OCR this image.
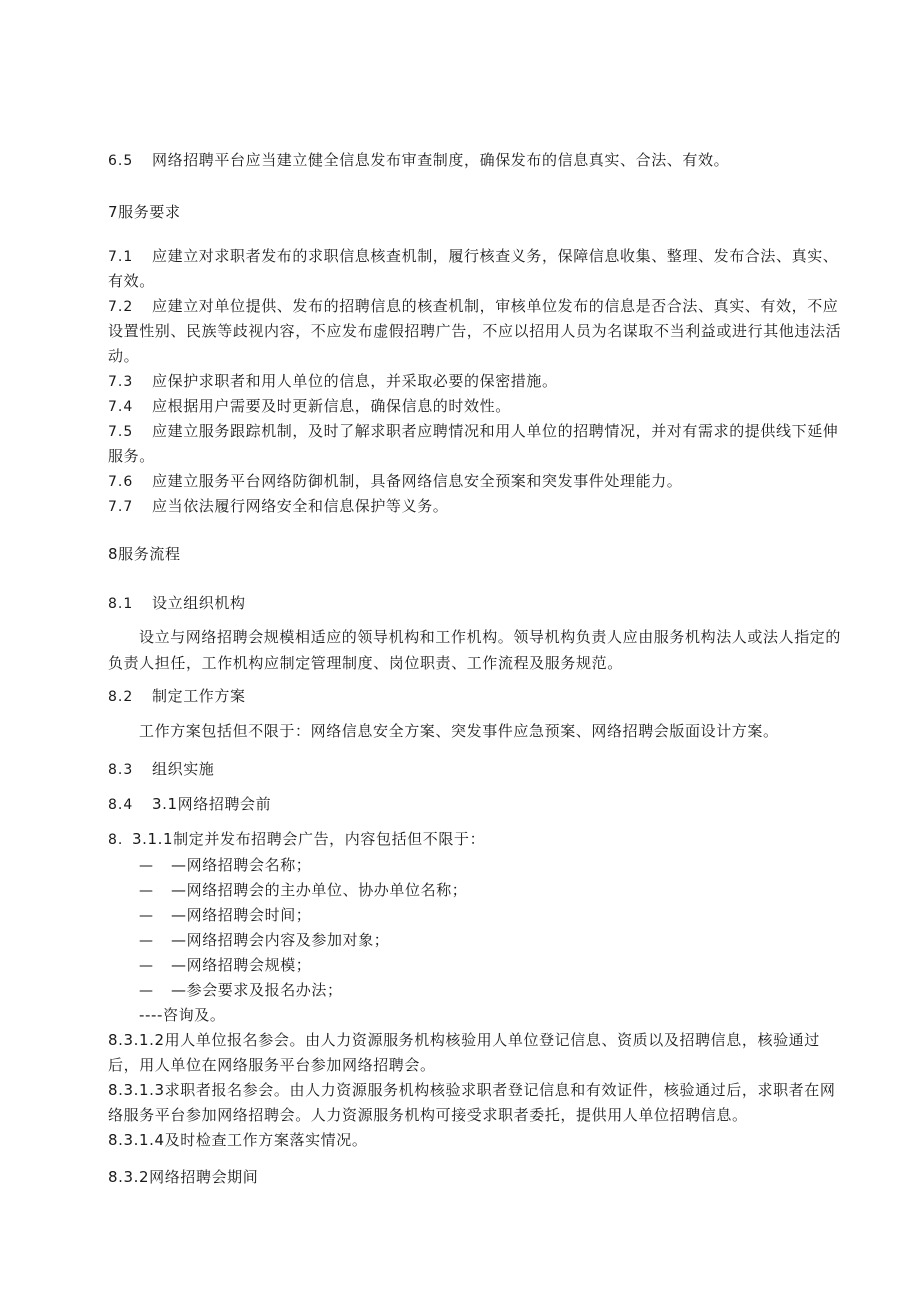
6.5 网络招聘平台应当建立健全信息发布审查制度，确保发布的信息真实、合法、有效。
7服务要求
7.1 应建立对求职者发布的求职信息核查机制，履行核查义务，保障信息收集、整理、发布合法、真实、
有效。
7.2 应建立对单位提供、发布的招聘信息的核查机制，审核单位发布的信息是否合法、真实、有效，不应
设置性别、民族等歧视内容，不应发布虚假招聘广告，不应以招用人员为名谋取不当利益或进行其他违法活
动。
7.3 应保护求职者和用人单位的信息，并采取必要的保密措施。
7.4 应根据用户需要及时更新信息，确保信息的时效性。
7.5 应建立服务跟踪机制，及时了解求职者应聘情况和用人单位的招聘情况，并对有需求的提供线下延伸
服务。
7.6 应建立服务平台网络防御机制，具备网络信息安全预案和突发事件处理能力。
7.7 应当依法履行网络安全和信息保护等义务。
8服务流程
8.1 设立组织机构
设立与网络招聘会规模相适应的领导机构和工作机构。领导机构负责人应由服务机构法人或法人指定的
负责人担任，工作机构应制定管理制度、岗位职责、工作流程及服务规范。
8.2 制定工作方案
工作方案包括但不限于：网络信息安全方案、突发事件应急预案、网络招聘会版面设计方案。
8.3 组织实施
8.4 3.1网络招聘会前
8. 3.1.1制定并发布招聘会广告，内容包括但不限于：
— —网络招聘会名称；
— —网络招聘会的主办单位、协办单位名称；
— —网络招聘会时间；
— —网络招聘会内容及参加对象；
— —网络招聘会规模；
— —参会要求及报名办法；
----咨询及。
8.3.1.2用人单位报名参会。由人力资源服务机构核验用人单位登记信息、资质以及招聘信息，核验通过
后，用人单位在网络服务平台参加网络招聘会。
8.3.1.3求职者报名参会。由人力资源服务机构核验求职者登记信息和有效证件，核验通过后，求职者在网
络服务平台参加网络招聘会。人力资源服务机构可接受求职者委托，提供用人单位招聘信息。
8.3.1.4及时检查工作方案落实情况。
8.3.2网络招聘会期间
